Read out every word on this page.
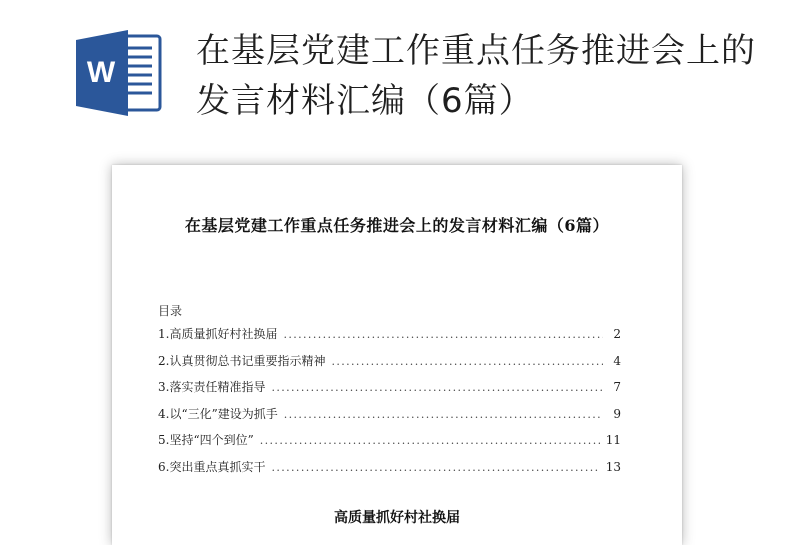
W
在基层党建工作重点任务推进会上的发言材料汇编（6篇）
在基层党建工作重点任务推进会上的发言材料汇编（6篇）
目录
1.高质量抓好村社换届 .....	2
2.认真贯彻总书记重要指示精神 .....	4
3.落实责任精准指导 .....	7
4.以“三化”建设为抓手 .....	9
5.坚持“四个到位” .....	11
6.突出重点真抓实干 .....	13
高质量抓好村社换届
